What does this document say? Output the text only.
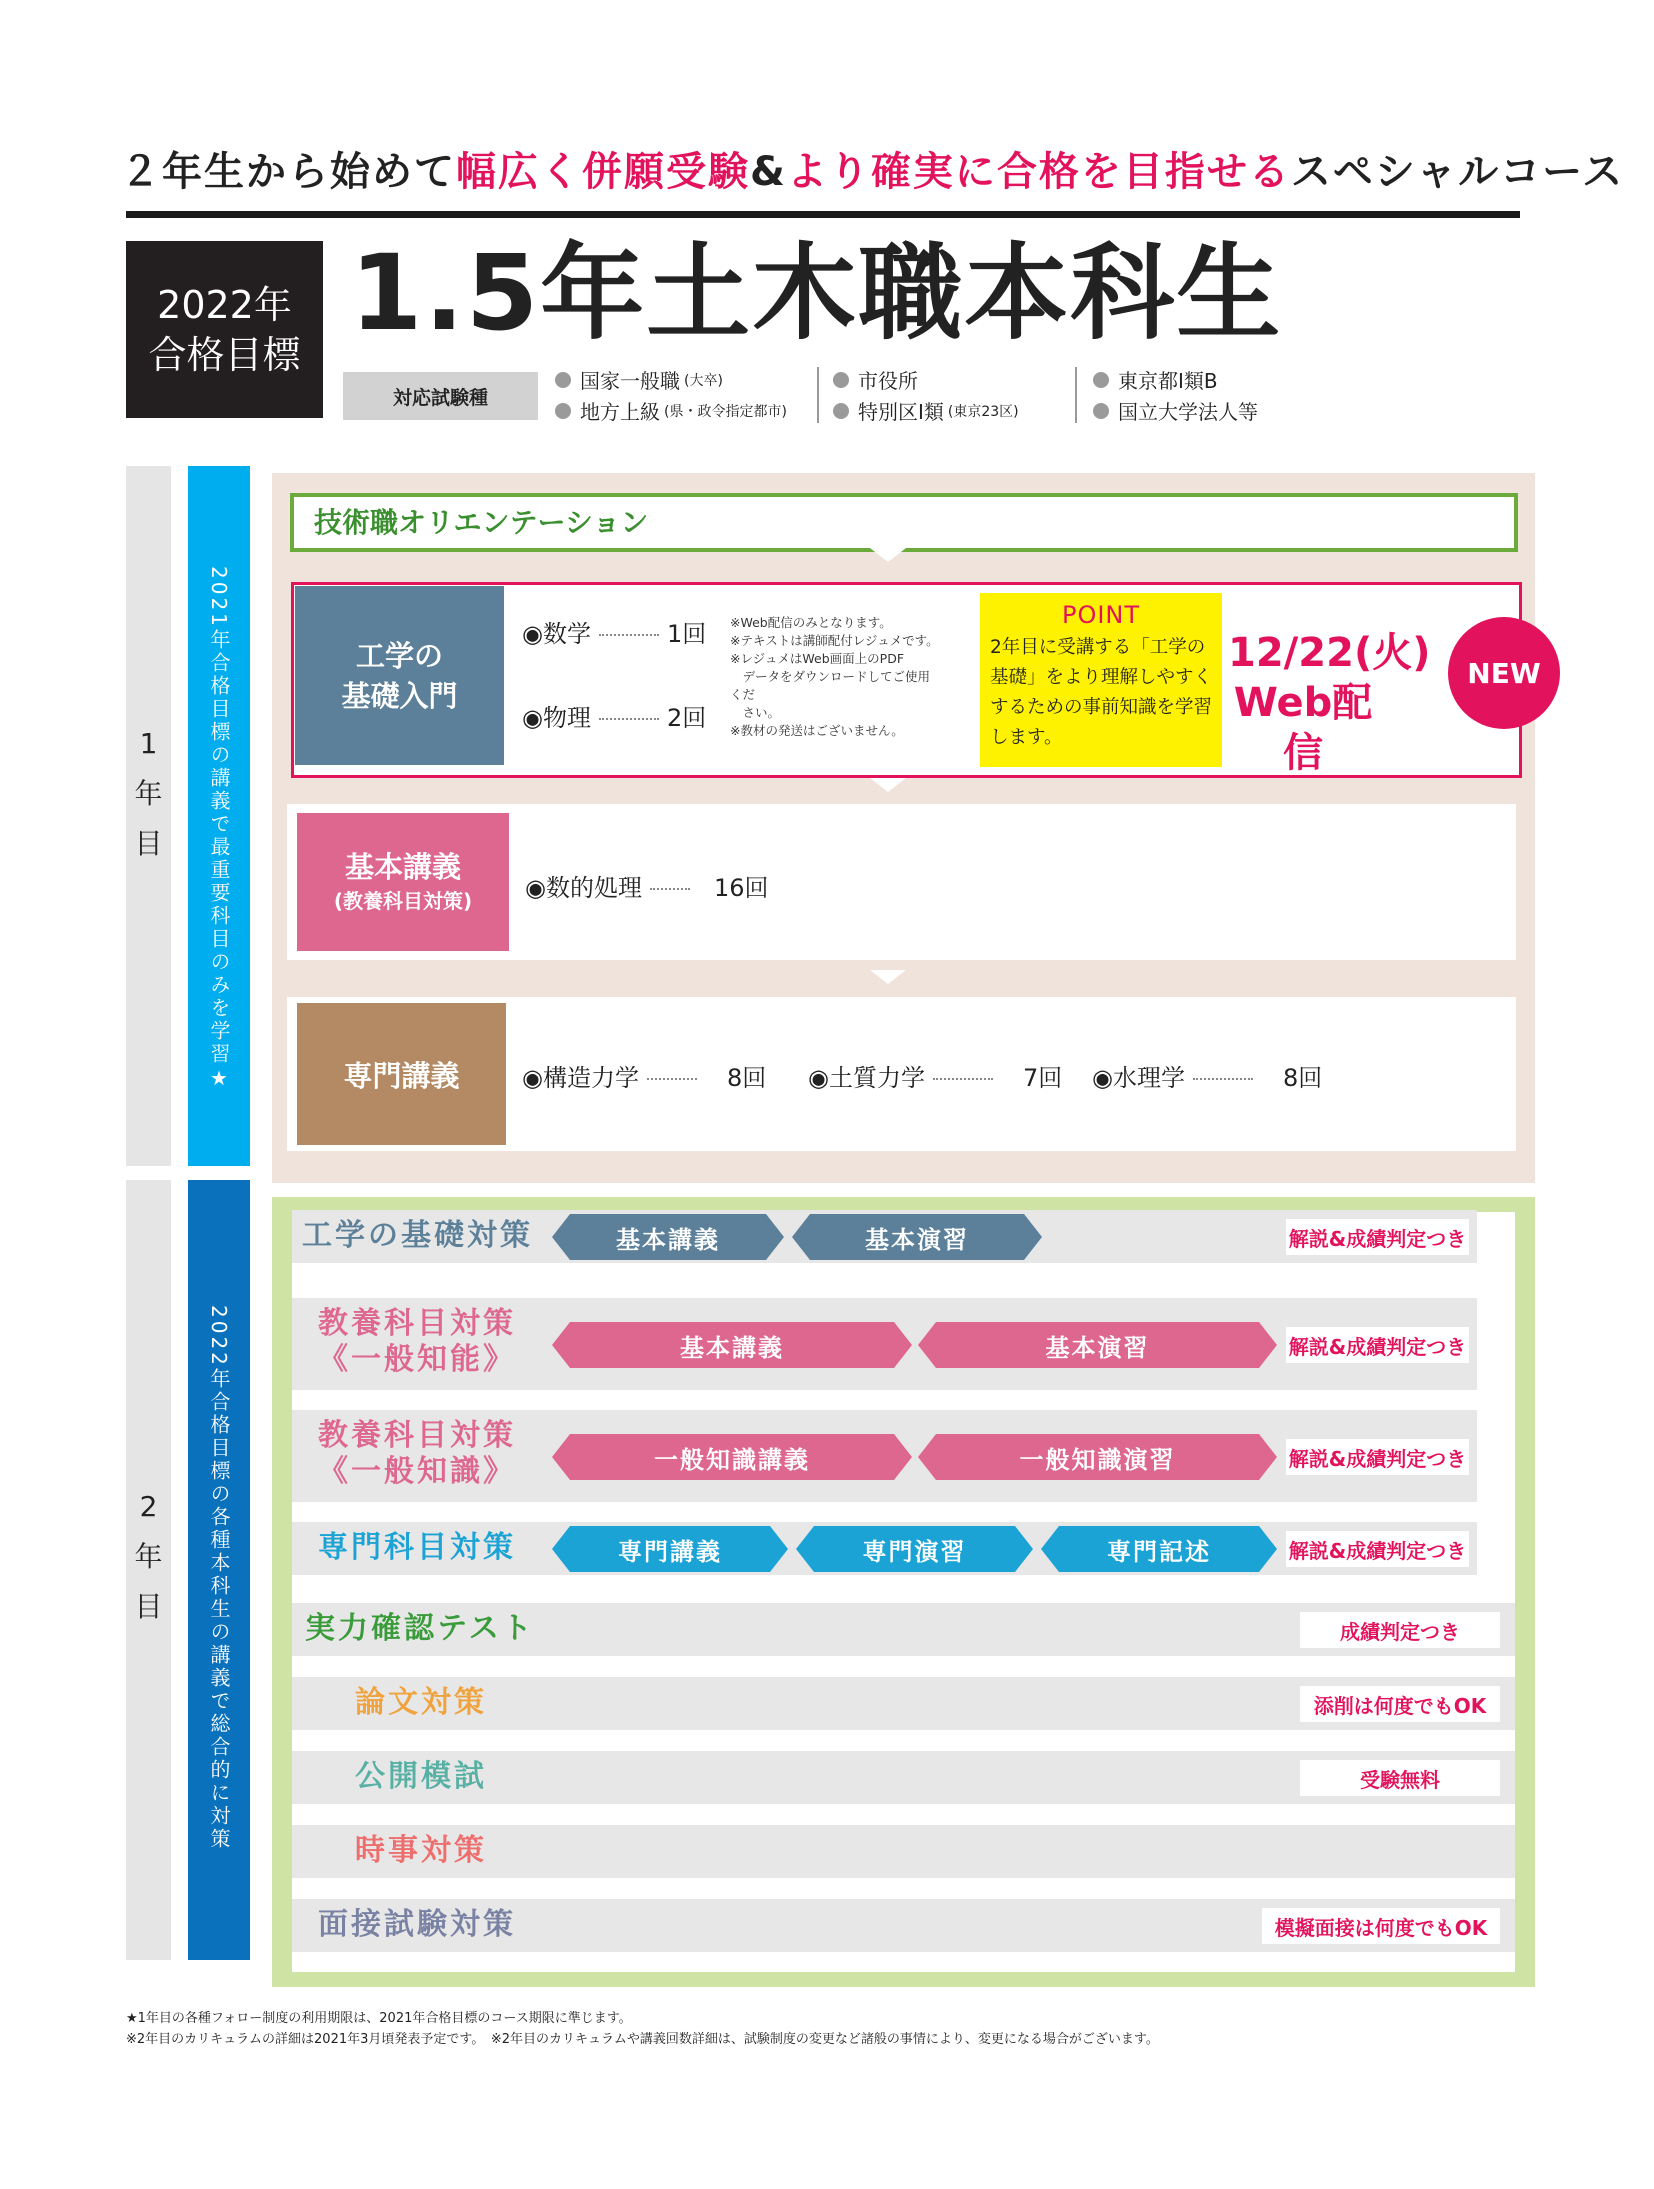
２年生から始めて幅広く併願受験&より確実に合格を目指せるスペシャルコース
2022年
合格目標
1.5年土木職本科生
対応試験種
国家一般職 (大卒)
地方上級 (県・政令指定都市)
市役所
特別区Ⅰ類 (東京23区)
東京都Ⅰ類B
国立大学法人等
1
年
目 2021年合格目標の講義で最重要科目のみを学習★
技術職オリエンテーション
工学の
基礎入門
◉数学	1回
◉物理	2回
※Web配信のみとなります。
※テキストは講師配付レジュメです。
※レジュメはWeb画面上のPDF
　データをダウンロードしてご使用くだ
　さい。
※教材の発送はございません。
POINT
2年目に受講する「工学の基礎」をより理解しやすくするための事前知識を学習します。
12/22(火)
Web配信
NEW
基本講義
(教養科目対策) ◉数的処理	16回
専門講義	◉構造力学	8回 ◉土質力学	7回 ◉水理学	8回
2
年
目 2022年合格目標の各種本科生の講義で総合的に対策
工学の基礎対策	基本講義	基本演習	解説&成績判定つき
教養科目対策
《一般知能》	基本講義	基本演習	解説&成績判定つき
教養科目対策
《一般知識》	一般知識講義	一般知識演習	解説&成績判定つき
専門科目対策	専門講義	専門演習	専門記述	解説&成績判定つき
実力確認テスト	成績判定つき
論文対策	添削は何度でもOK
公開模試	受験無料
時事対策
面接試験対策	模擬面接は何度でもOK
★1年目の各種フォロー制度の利用期限は、2021年合格目標のコース期限に準じます。
※2年目のカリキュラムの詳細は2021年3月頃発表予定です。　※2年目のカリキュラムや講義回数詳細は、試験制度の変更など諸般の事情により、変更になる場合がございます。
